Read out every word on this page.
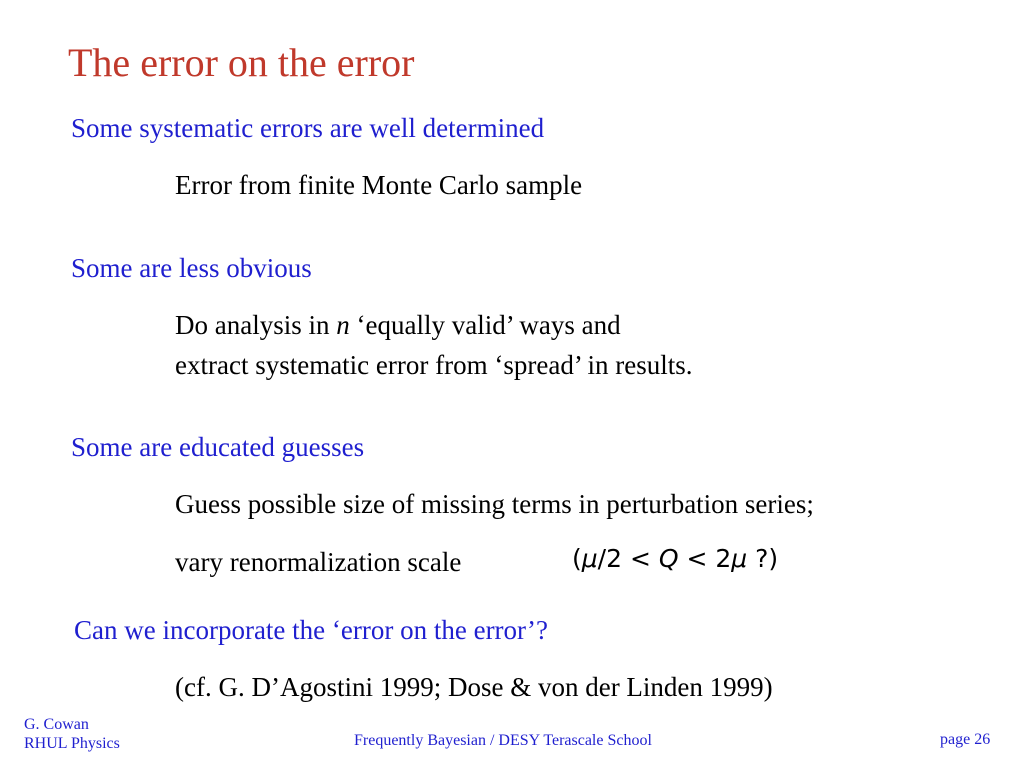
The error on the error
Some systematic errors are well determined
Error from finite Monte Carlo sample
Some are less obvious
Do analysis in n ‘equally valid’ ways and
extract systematic error from ‘spread’ in results.
Some are educated guesses
Guess possible size of missing terms in perturbation series;
vary renormalization scale	(μ/2 < Q < 2μ ?)
Can we incorporate the ‘error on the error’?
(cf. G. D’Agostini 1999; Dose & von der Linden 1999)
G. Cowan
RHUL Physics	Frequently Bayesian / DESY Terascale School	page 26
